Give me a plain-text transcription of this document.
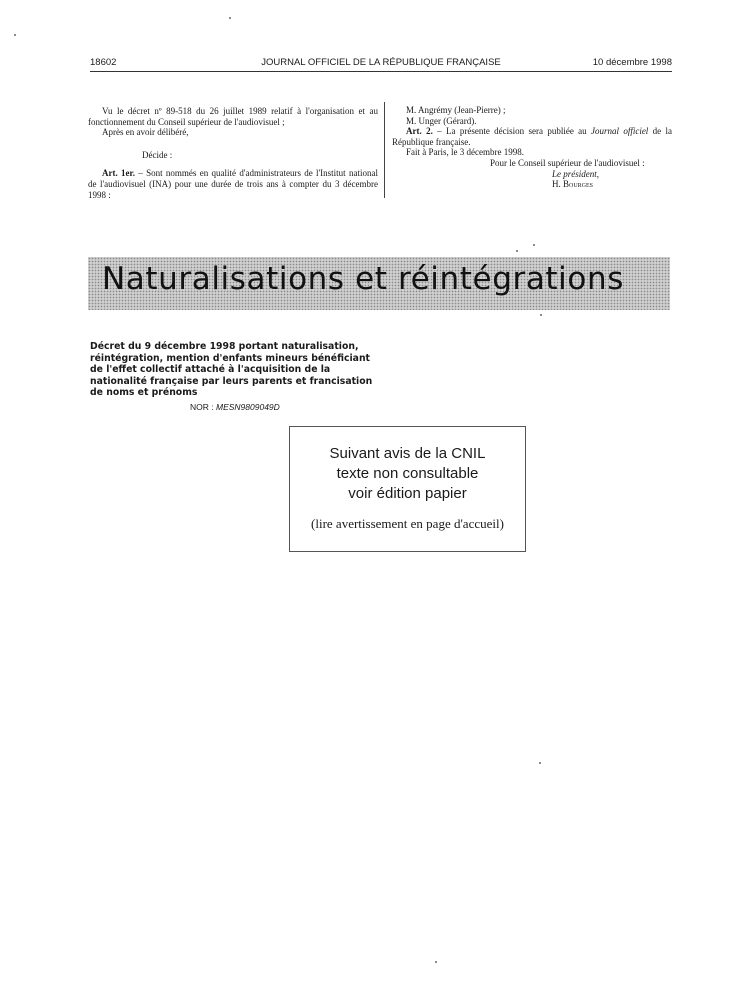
18602	JOURNAL OFFICIEL DE LA RÉPUBLIQUE FRANÇAISE	10 décembre 1998

Vu le décret nº 89-518 du 26 juillet 1989 relatif à l'organisation et au fonctionnement du Conseil supérieur de l'audiovisuel ;

Après en avoir délibéré,

Décide :

Art. 1er. – Sont nommés en qualité d'administrateurs de l'Institut national de l'audiovisuel (INA) pour une durée de trois ans à compter du 3 décembre 1998 :

M. Angrémy (Jean-Pierre) ;

M. Unger (Gérard).

Art. 2. – La présente décision sera publiée au Journal officiel de la République française.

Fait à Paris, le 3 décembre 1998.

Pour le Conseil supérieur de l'audiovisuel :

Le président,

H. Bourges

Naturalisations et réintégrations

Décret du 9 décembre 1998 portant naturalisation, réintégration, mention d'enfants mineurs bénéficiant de l'effet collectif attaché à l'acquisition de la nationalité française par leurs parents et francisation de noms et prénoms

NOR : MESN9809049D
Suivant avis de la CNIL
texte non consultable
voir édition papier
(lire avertissement en page d'accueil)
